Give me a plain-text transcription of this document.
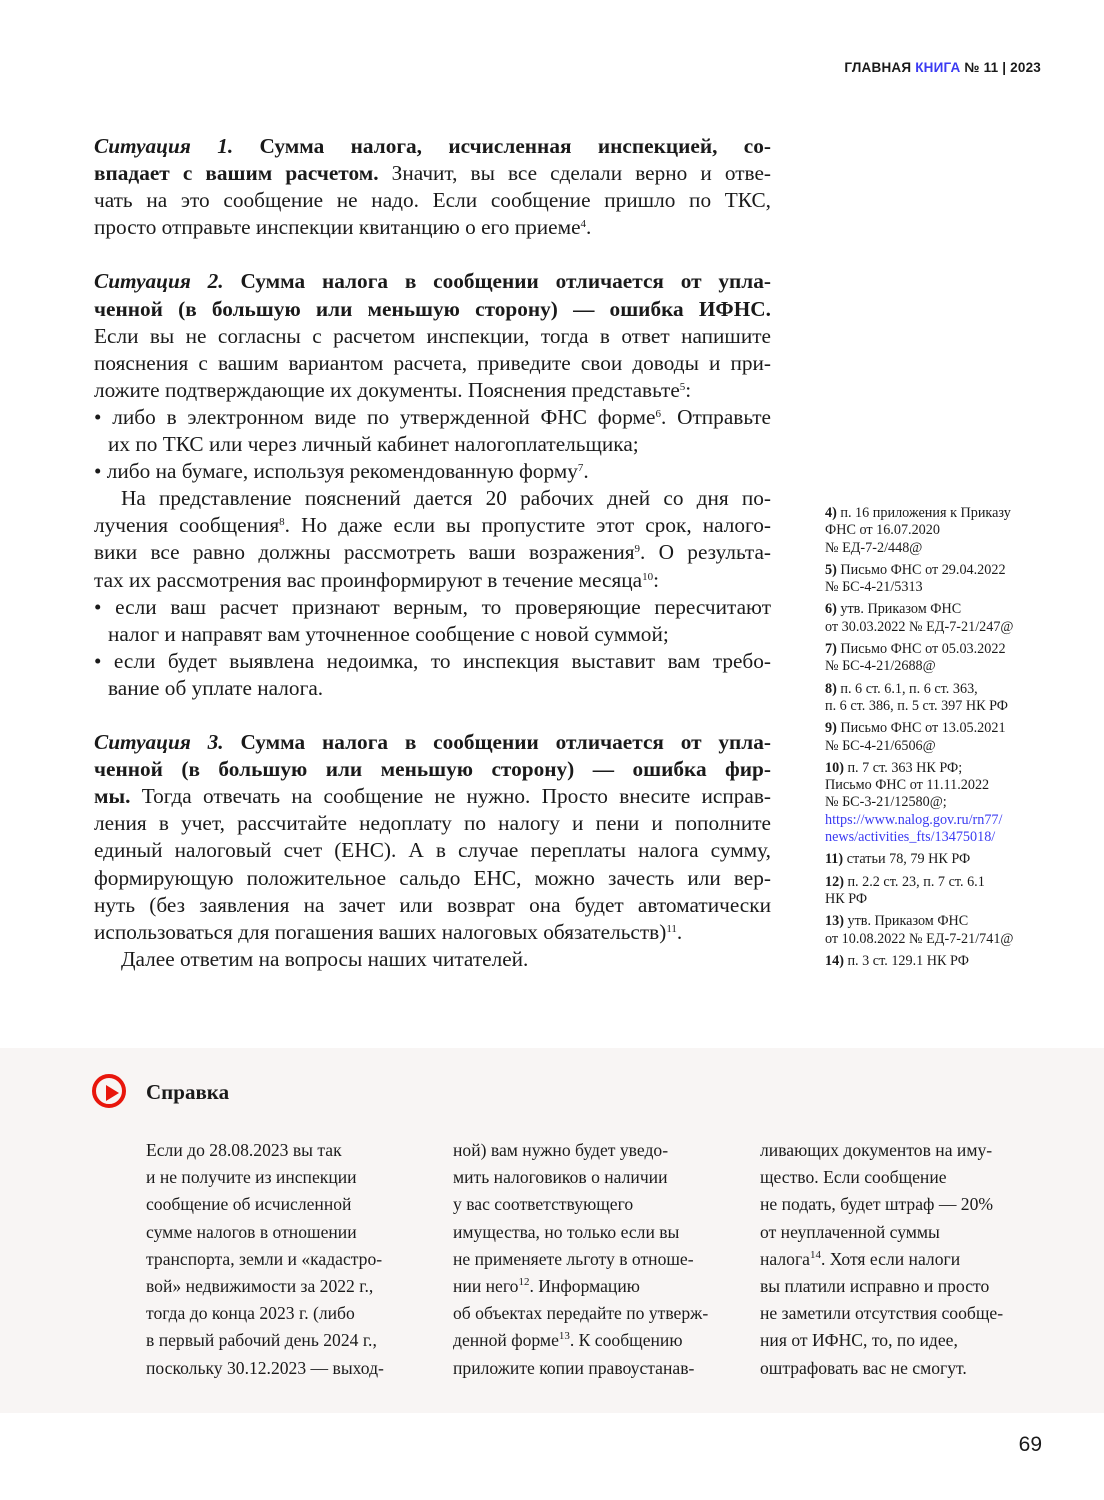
ГЛАВНАЯ КНИГА № 11 | 2023
Ситуация 1. Сумма налога, исчисленная инспекцией, со-
впадает с вашим расчетом. Значит, вы все сделали верно и отве-
чать на это сообщение не надо. Если сообщение пришло по ТКС,
просто отправьте инспекции квитанцию о его приеме$^4$.
Ситуация 2. Сумма налога в сообщении отличается от упла-
ченной (в большую или меньшую сторону) — ошибка ИФНС.
Если вы не согласны с расчетом инспекции, тогда в ответ напишите
пояснения с вашим вариантом расчета, приведите свои доводы и при-
ложите подтверждающие их документы. Пояснения представьте$^5$:
• либо в электронном виде по утвержденной ФНС форме$^6$. Отправьте
их по ТКС или через личный кабинет налогоплательщика;
• либо на бумаге, используя рекомендованную форму$^7$.
На представление пояснений дается 20 рабочих дней со дня по-
лучения сообщения$^8$. Но даже если вы пропустите этот срок, налого-
вики все равно должны рассмотреть ваши возражения$^9$. О результа-
тах их рассмотрения вас проинформируют в течение месяца$^{10}$:
• если ваш расчет признают верным, то проверяющие пересчитают
налог и направят вам уточненное сообщение с новой суммой;
• если будет выявлена недоимка, то инспекция выставит вам требо-
вание об уплате налога.
Ситуация 3. Сумма налога в сообщении отличается от упла-
ченной (в большую или меньшую сторону) — ошибка фир-
мы. Тогда отвечать на сообщение не нужно. Просто внесите исправ-
ления в учет, рассчитайте недоплату по налогу и пени и пополните
единый налоговый счет (ЕНС). А в случае переплаты налога сумму,
формирующую положительное сальдо ЕНС, можно зачесть или вер-
нуть (без заявления на зачет или возврат она будет автоматически
использоваться для погашения ваших налоговых обязательств)$^{11}$.
Далее ответим на вопросы наших читателей.
4) п. 16 приложения к Приказу
ФНС от 16.07.2020
№ ЕД-7-2/448@
5) Письмо ФНС от 29.04.2022
№ БС-4-21/5313
6) утв. Приказом ФНС
от 30.03.2022 № ЕД-7-21/247@
7) Письмо ФНС от 05.03.2022
№ БС-4-21/2688@
8) п. 6 ст. 6.1, п. 6 ст. 363,
п. 6 ст. 386, п. 5 ст. 397 НК РФ
9) Письмо ФНС от 13.05.2021
№ БС-4-21/6506@
10) п. 7 ст. 363 НК РФ;
Письмо ФНС от 11.11.2022
№ БС-3-21/12580@;
https://www.nalog.gov.ru/rn77/
news/activities_fts/13475018/
11) статьи 78, 79 НК РФ
12) п. 2.2 ст. 23, п. 7 ст. 6.1
НК РФ
13) утв. Приказом ФНС
от 10.08.2022 № ЕД-7-21/741@
14) п. 3 ст. 129.1 НК РФ
Справка
Если до 28.08.2023 вы так
и не получите из инспекции
сообщение об исчисленной
сумме налогов в отношении
транспорта, земли и «кадастро-
вой» недвижимости за 2022 г.,
тогда до конца 2023 г. (либо
в первый рабочий день 2024 г.,
поскольку 30.12.2023 — выход-
ной) вам нужно будет уведо-
мить налоговиков о наличии
у вас соответствующего
имущества, но только если вы
не применяете льготу в отноше-
нии него$^{12}$. Информацию
об объектах передайте по утверж-
денной форме$^{13}$. К сообщению
приложите копии правоустанав-
ливающих документов на иму-
щество. Если сообщение
не подать, будет штраф — 20%
от неуплаченной суммы
налога$^{14}$. Хотя если налоги
вы платили исправно и просто
не заметили отсутствия сообще-
ния от ИФНС, то, по идее,
оштрафовать вас не смогут.
69
